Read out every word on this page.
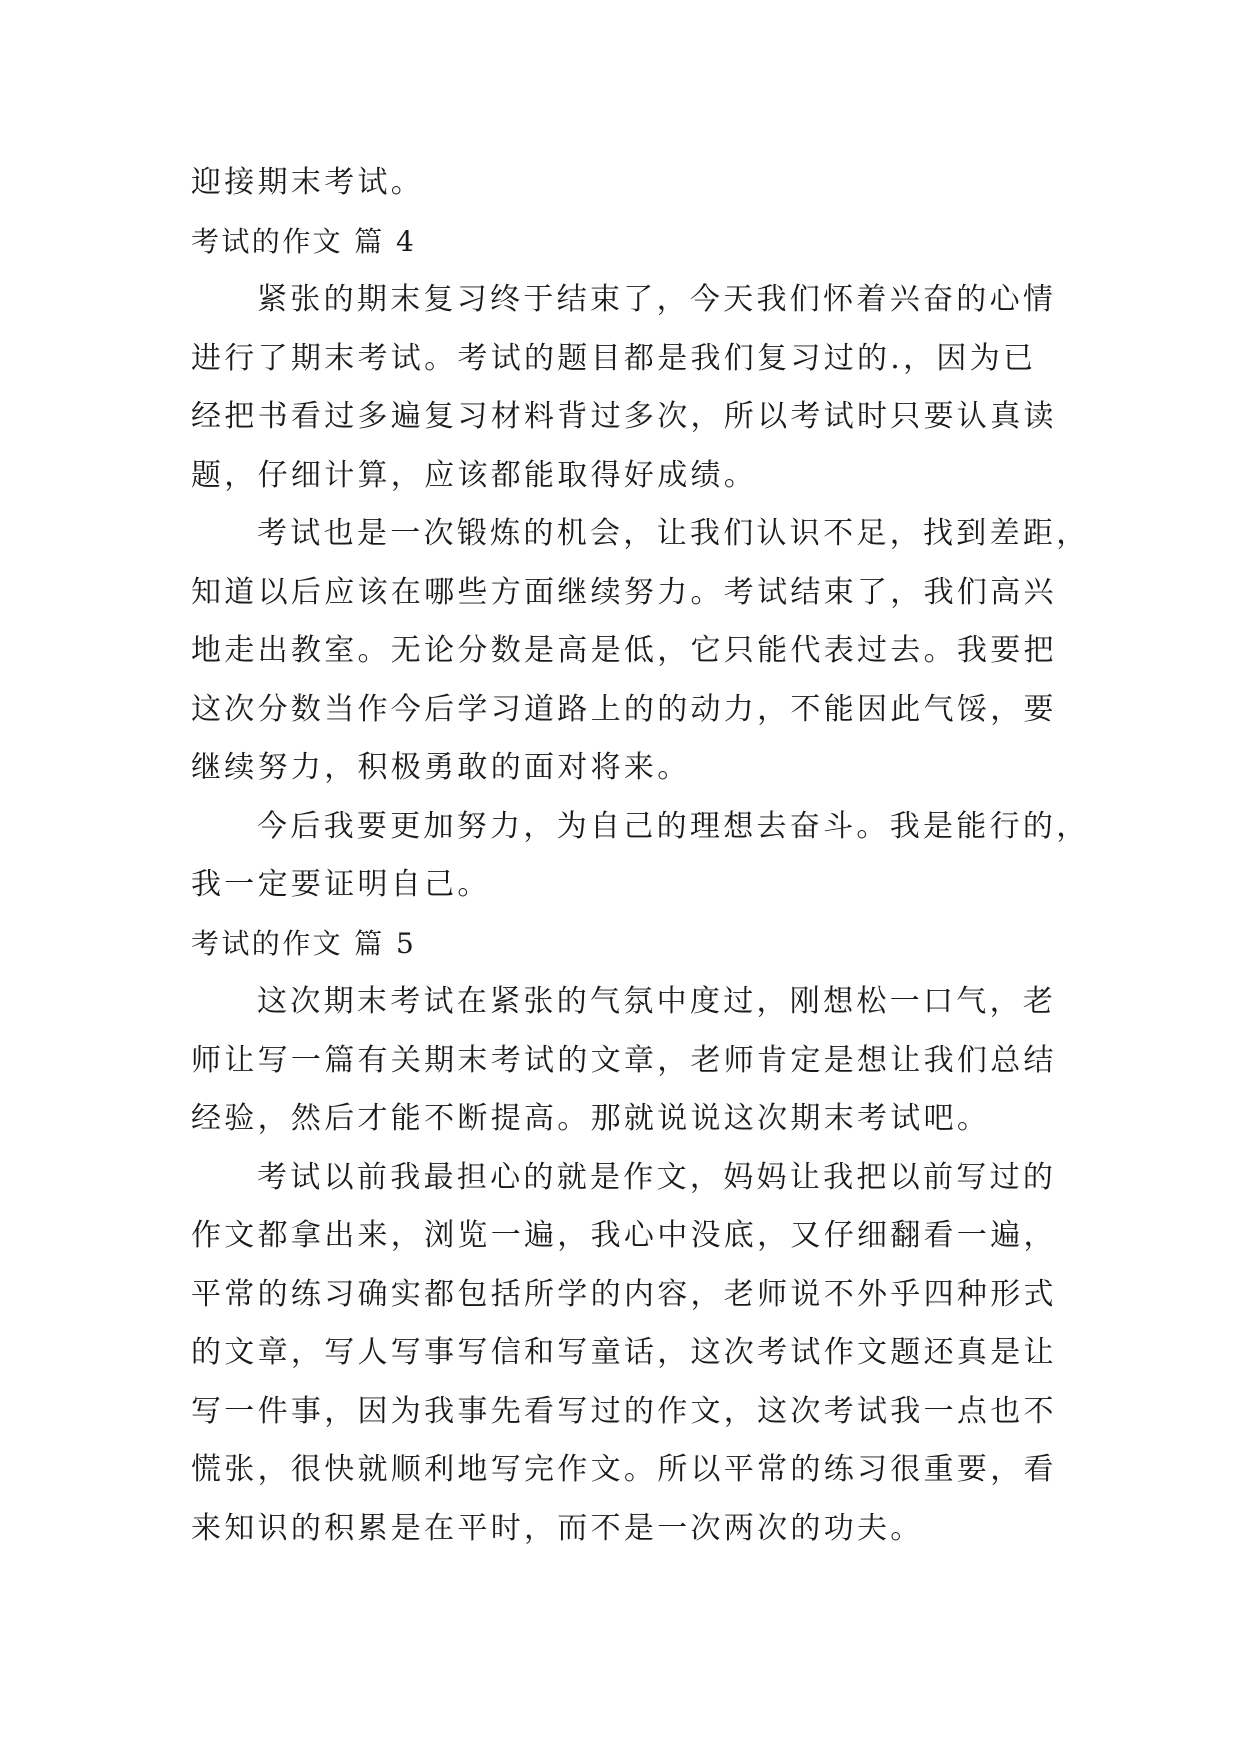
迎接期末考试。
考试的作文 篇 4
紧张的期末复习终于结束了，今天我们怀着兴奋的心情
进行了期末考试。考试的题目都是我们复习过的.，因为已
经把书看过多遍复习材料背过多次，所以考试时只要认真读
题，仔细计算，应该都能取得好成绩。
考试也是一次锻炼的机会，让我们认识不足，找到差距，
知道以后应该在哪些方面继续努力。考试结束了，我们高兴
地走出教室。无论分数是高是低，它只能代表过去。我要把
这次分数当作今后学习道路上的的动力，不能因此气馁，要
继续努力，积极勇敢的面对将来。
今后我要更加努力，为自己的理想去奋斗。我是能行的，
我一定要证明自己。
考试的作文 篇 5
这次期末考试在紧张的气氛中度过，刚想松一口气，老
师让写一篇有关期末考试的文章，老师肯定是想让我们总结
经验，然后才能不断提高。那就说说这次期末考试吧。
考试以前我最担心的就是作文，妈妈让我把以前写过的
作文都拿出来，浏览一遍，我心中没底，又仔细翻看一遍，
平常的练习确实都包括所学的内容，老师说不外乎四种形式
的文章，写人写事写信和写童话，这次考试作文题还真是让
写一件事，因为我事先看写过的作文，这次考试我一点也不
慌张，很快就顺利地写完作文。所以平常的练习很重要，看
来知识的积累是在平时，而不是一次两次的功夫。
